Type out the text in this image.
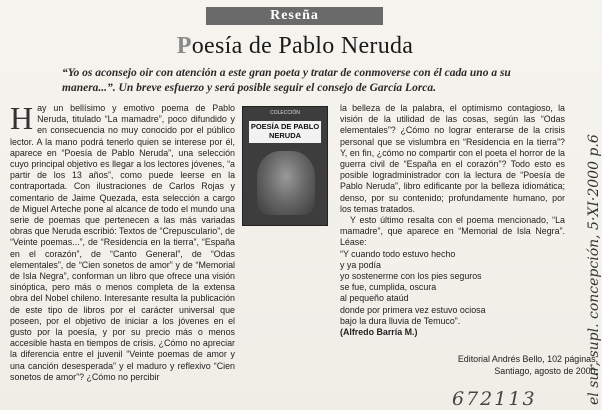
Reseña
Poesía de Pablo Neruda

“Yo os aconsejo oír con atención a este gran poeta y tratar de conmoverse con él cada uno a su manera...”. Un breve esfuerzo y será posible seguir el consejo de García Lorca.

Hay un bellísimo y emotivo poema de Pablo Neruda, titulado “La mamadre”, poco difundido y en consecuencia no muy conocido por el público lector. A la mano podrá tenerlo quien se interese por él, aparece en “Poesía de Pablo Neruda”, una selección cuyo principal objetivo es llegar a los lectores jóvenes, “a partir de los 13 años”, como puede leerse en la contraportada. Con ilustraciones de Carlos Rojas y comentario de Jaime Quezada, esta selección a cargo de Miguel Arteche pone al alcance de todo el mundo una serie de poemas que pertenecen a las más variadas obras que Neruda escribió: Textos de “Crepusculario”, de “Veinte poemas...”, de “Residencia en la tierra”, “España en el corazón”, de “Canto General”, de “Odas elementales”, de “Cien sonetos de amor” y de “Memorial de Isla Negra”, conforman un libro que ofrece una visión sinóptica, pero más o menos completa de la extensa obra del Nobel chileno. Interesante resulta la publicación de este tipo de libros por el carácter universal que poseen, por el objetivo de iniciar a los jóvenes en el gusto por la poesía, y por su precio más o menos accesible hasta en tiempos de crisis. ¿Cómo no apreciar la diferencia entre el juvenil “Veinte poemas de amor y una canción desesperada” y el maduro y reflexivo “Cien sonetos de amor”? ¿Cómo no percibir

COLECCIÓN
POESÍA DE PABLO NERUDA

la belleza de la palabra, el optimismo contagioso, la visión de la utilidad de las cosas, según las “Odas elementales”? ¿Cómo no lograr enterarse de la crisis personal que se vislumbra en “Residencia en la tierra”? Y, en fin, ¿cómo no compartir con el poeta el horror de la guerra civil de “España en el corazón”? Todo esto es posible logradministrador con la lectura de “Poesía de Pablo Neruda”, libro edificante por la belleza idiomática; denso, por su contenido; profundamente humano, por los temas tratados.

Y esto último resalta con el poema mencionado, “La mamadre”, que aparece en “Memorial de Isla Negra”. Léase:

“Y cuando todo estuvo hecho
y ya podía
yo sostenerme con los pies seguros
se fue, cumplida, oscura
al pequeño ataúd
donde por primera vez estuvo ociosa
bajo la dura lluvia de Temuco”.

(Alfredo Barría M.)

Editorial Andrés Bello, 102 páginas,

Santiago, agosto de 2000.

el sur, supl. concepción, 5·XI·2000 p.6
672113
